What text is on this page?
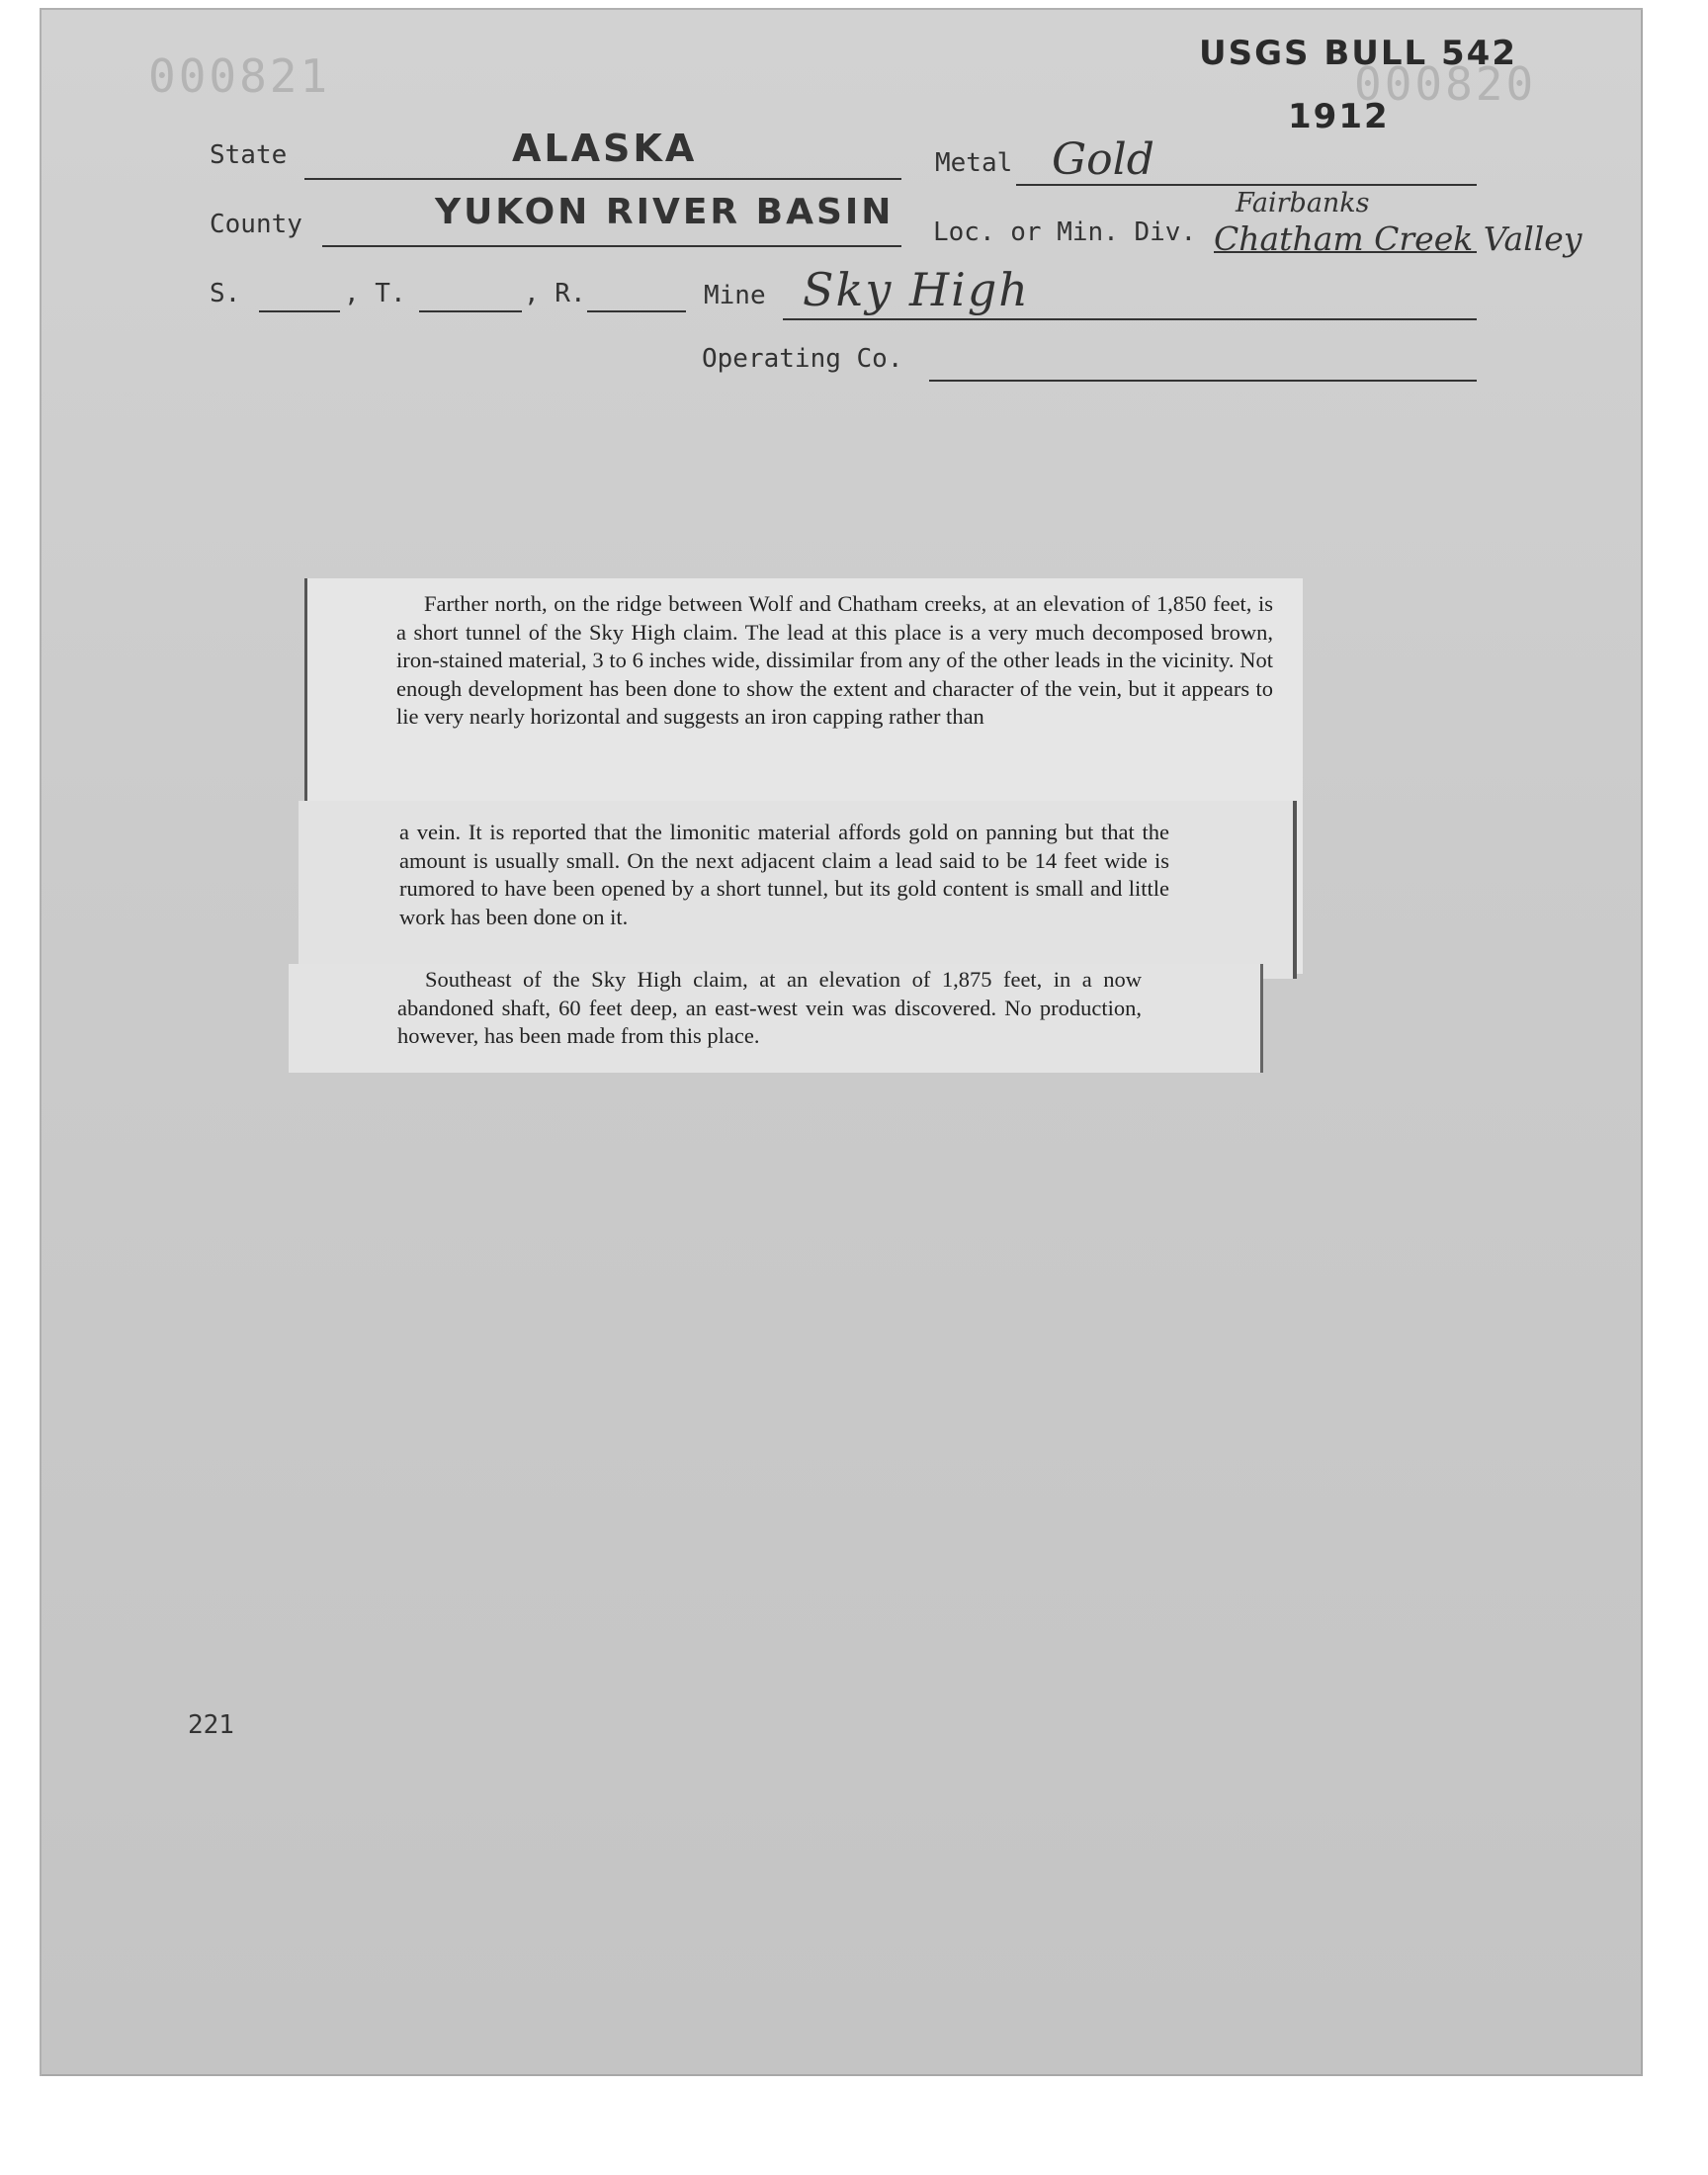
000821	000820
USGS BULL 542
1912
State	ALASKA	Metal Gold
County	YUKON RIVER BASIN Loc. or Min. Div.
Fairbanks
Chatham Creek Valley
S.	, T.	, R.	Mine Sky High
Operating Co.

Farther north, on the ridge between Wolf and Chatham creeks, at an elevation of 1,850 feet, is a short tunnel of the Sky High claim. The lead at this place is a very much decomposed brown, iron-stained material, 3 to 6 inches wide, dissimilar from any of the other leads in the vicinity. Not enough development has been done to show the extent and character of the vein, but it appears to lie very nearly horizontal and suggests an iron capping rather than

a vein. It is reported that the limonitic material affords gold on panning but that the amount is usually small. On the next adjacent claim a lead said to be 14 feet wide is rumored to have been opened by a short tunnel, but its gold content is small and little work has been done on it.

Southeast of the Sky High claim, at an elevation of 1,875 feet, in a now abandoned shaft, 60 feet deep, an east-west vein was discovered. No production, however, has been made from this place.

221
